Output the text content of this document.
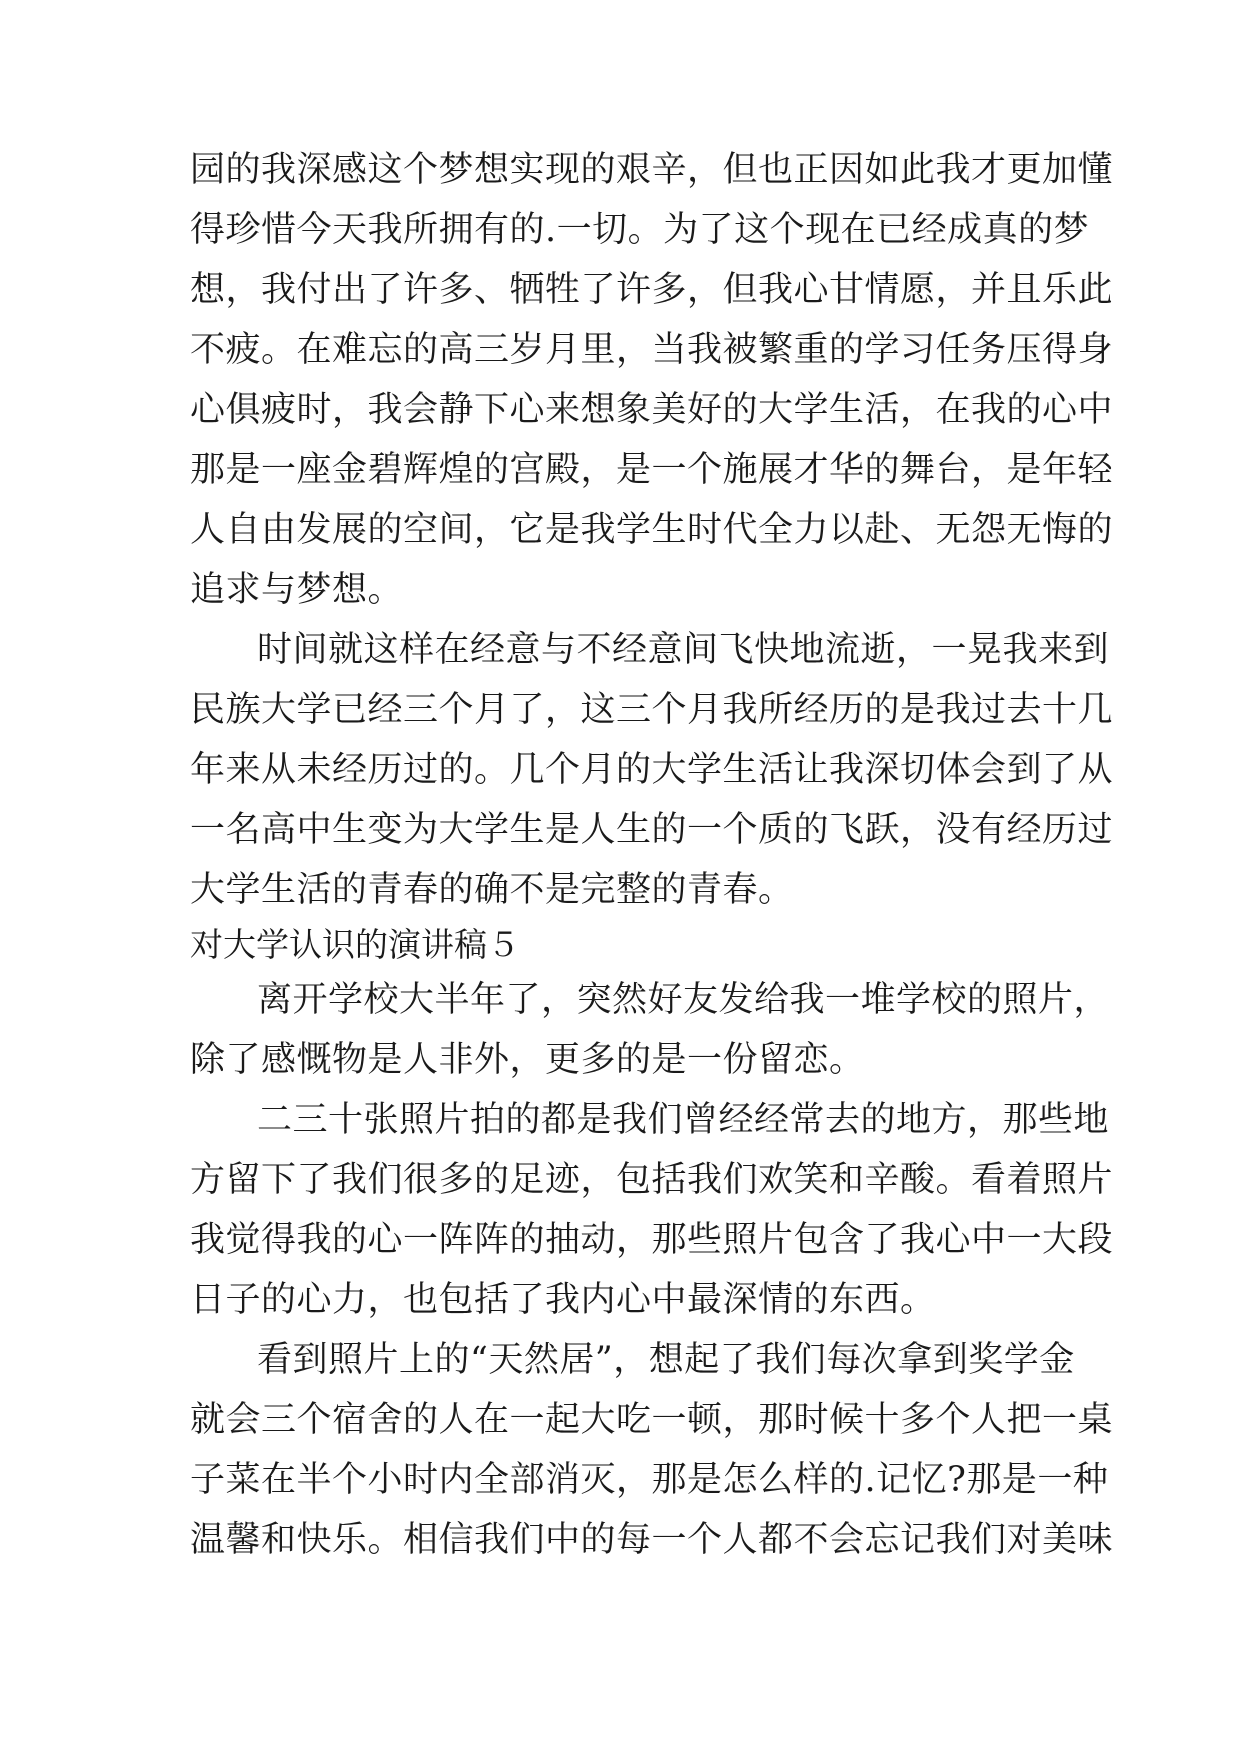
园的我深感这个梦想实现的艰辛，但也正因如此我才更加懂

得珍惜今天我所拥有的.一切。为了这个现在已经成真的梦

想，我付出了许多、牺牲了许多，但我心甘情愿，并且乐此

不疲。在难忘的高三岁月里，当我被繁重的学习任务压得身

心俱疲时，我会静下心来想象美好的大学生活，在我的心中

那是一座金碧辉煌的宫殿，是一个施展才华的舞台，是年轻

人自由发展的空间，它是我学生时代全力以赴、无怨无悔的

追求与梦想。

时间就这样在经意与不经意间飞快地流逝，一晃我来到

民族大学已经三个月了，这三个月我所经历的是我过去十几

年来从未经历过的。几个月的大学生活让我深切体会到了从

一名高中生变为大学生是人生的一个质的飞跃，没有经历过

大学生活的青春的确不是完整的青春。

对大学认识的演讲稿５

离开学校大半年了，突然好友发给我一堆学校的照片，

除了感慨物是人非外，更多的是一份留恋。

二三十张照片拍的都是我们曾经经常去的地方，那些地

方留下了我们很多的足迹，包括我们欢笑和辛酸。看着照片

我觉得我的心一阵阵的抽动，那些照片包含了我心中一大段

日子的心力，也包括了我内心中最深情的东西。

看到照片上的“天然居”，想起了我们每次拿到奖学金

就会三个宿舍的人在一起大吃一顿，那时候十多个人把一桌

子菜在半个小时内全部消灭，那是怎么样的.记忆?那是一种

温馨和快乐。相信我们中的每一个人都不会忘记我们对美味
